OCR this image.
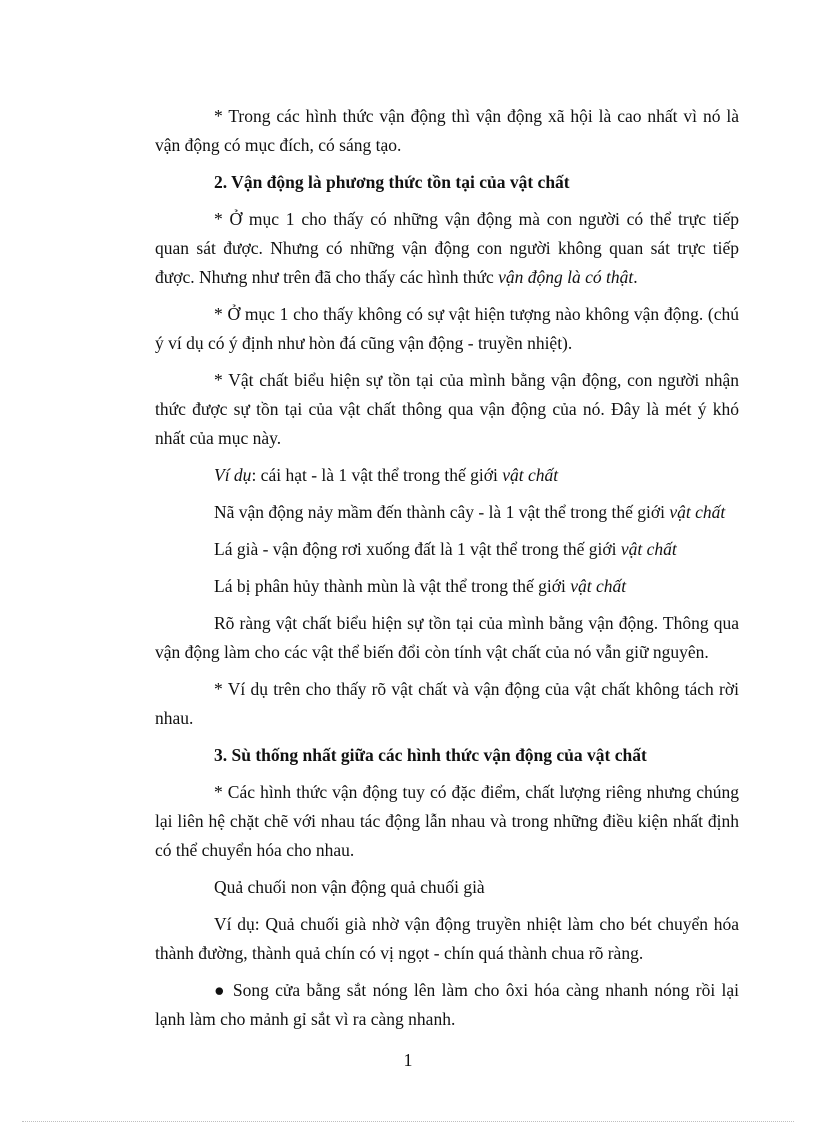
* Trong các hình thức vận động thì vận động xã hội là cao nhất vì nó là vận động có mục đích, có sáng tạo.

2. Vận động là phương thức tồn tại của vật chất

* Ở mục 1 cho thấy có những vận động mà con người có thể trực tiếp quan sát được. Nhưng có những vận động con người không quan sát trực tiếp được. Nhưng như trên đã cho thấy các hình thức vận động là có thật.

* Ở mục 1 cho thấy không có sự vật hiện tượng nào không vận động. (chú ý ví dụ có ý định như hòn đá cũng vận động - truyền nhiệt).

* Vật chất biểu hiện sự tồn tại của mình bằng vận động, con người nhận thức được sự tồn tại của vật chất thông qua vận động của nó. Đây là mét ý khó nhất của mục này.

Ví dụ: cái hạt - là 1 vật thể trong thế giới vật chất

Nã vận động nảy mầm đến thành cây - là 1 vật thể trong thế giới vật chất

Lá già - vận động rơi xuống đất là 1 vật thể trong thế giới vật chất

Lá bị phân hủy thành mùn là vật thể trong thế giới vật chất

Rõ ràng vật chất biểu hiện sự tồn tại của mình bằng vận động. Thông qua vận động làm cho các vật thể biến đổi còn tính vật chất của nó vẫn giữ nguyên.

* Ví dụ trên cho thấy rõ vật chất và vận động của vật chất không tách rời nhau.

3. Sù thống nhất giữa các hình thức vận động của vật chất

* Các hình thức vận động tuy có đặc điểm, chất lượng riêng nhưng chúng lại liên hệ chặt chẽ với nhau tác động lẫn nhau và trong những điều kiện nhất định có thể chuyển hóa cho nhau.

Quả chuối non vận động quả chuối già

Ví dụ: Quả chuối già nhờ vận động truyền nhiệt làm cho bét chuyển hóa thành đường, thành quả chín có vị ngọt - chín quá thành chua rõ ràng.

● Song cửa bằng sắt nóng lên làm cho ôxi hóa càng nhanh nóng rồi lại lạnh làm cho mảnh gỉ sắt vì ra càng nhanh.

1
